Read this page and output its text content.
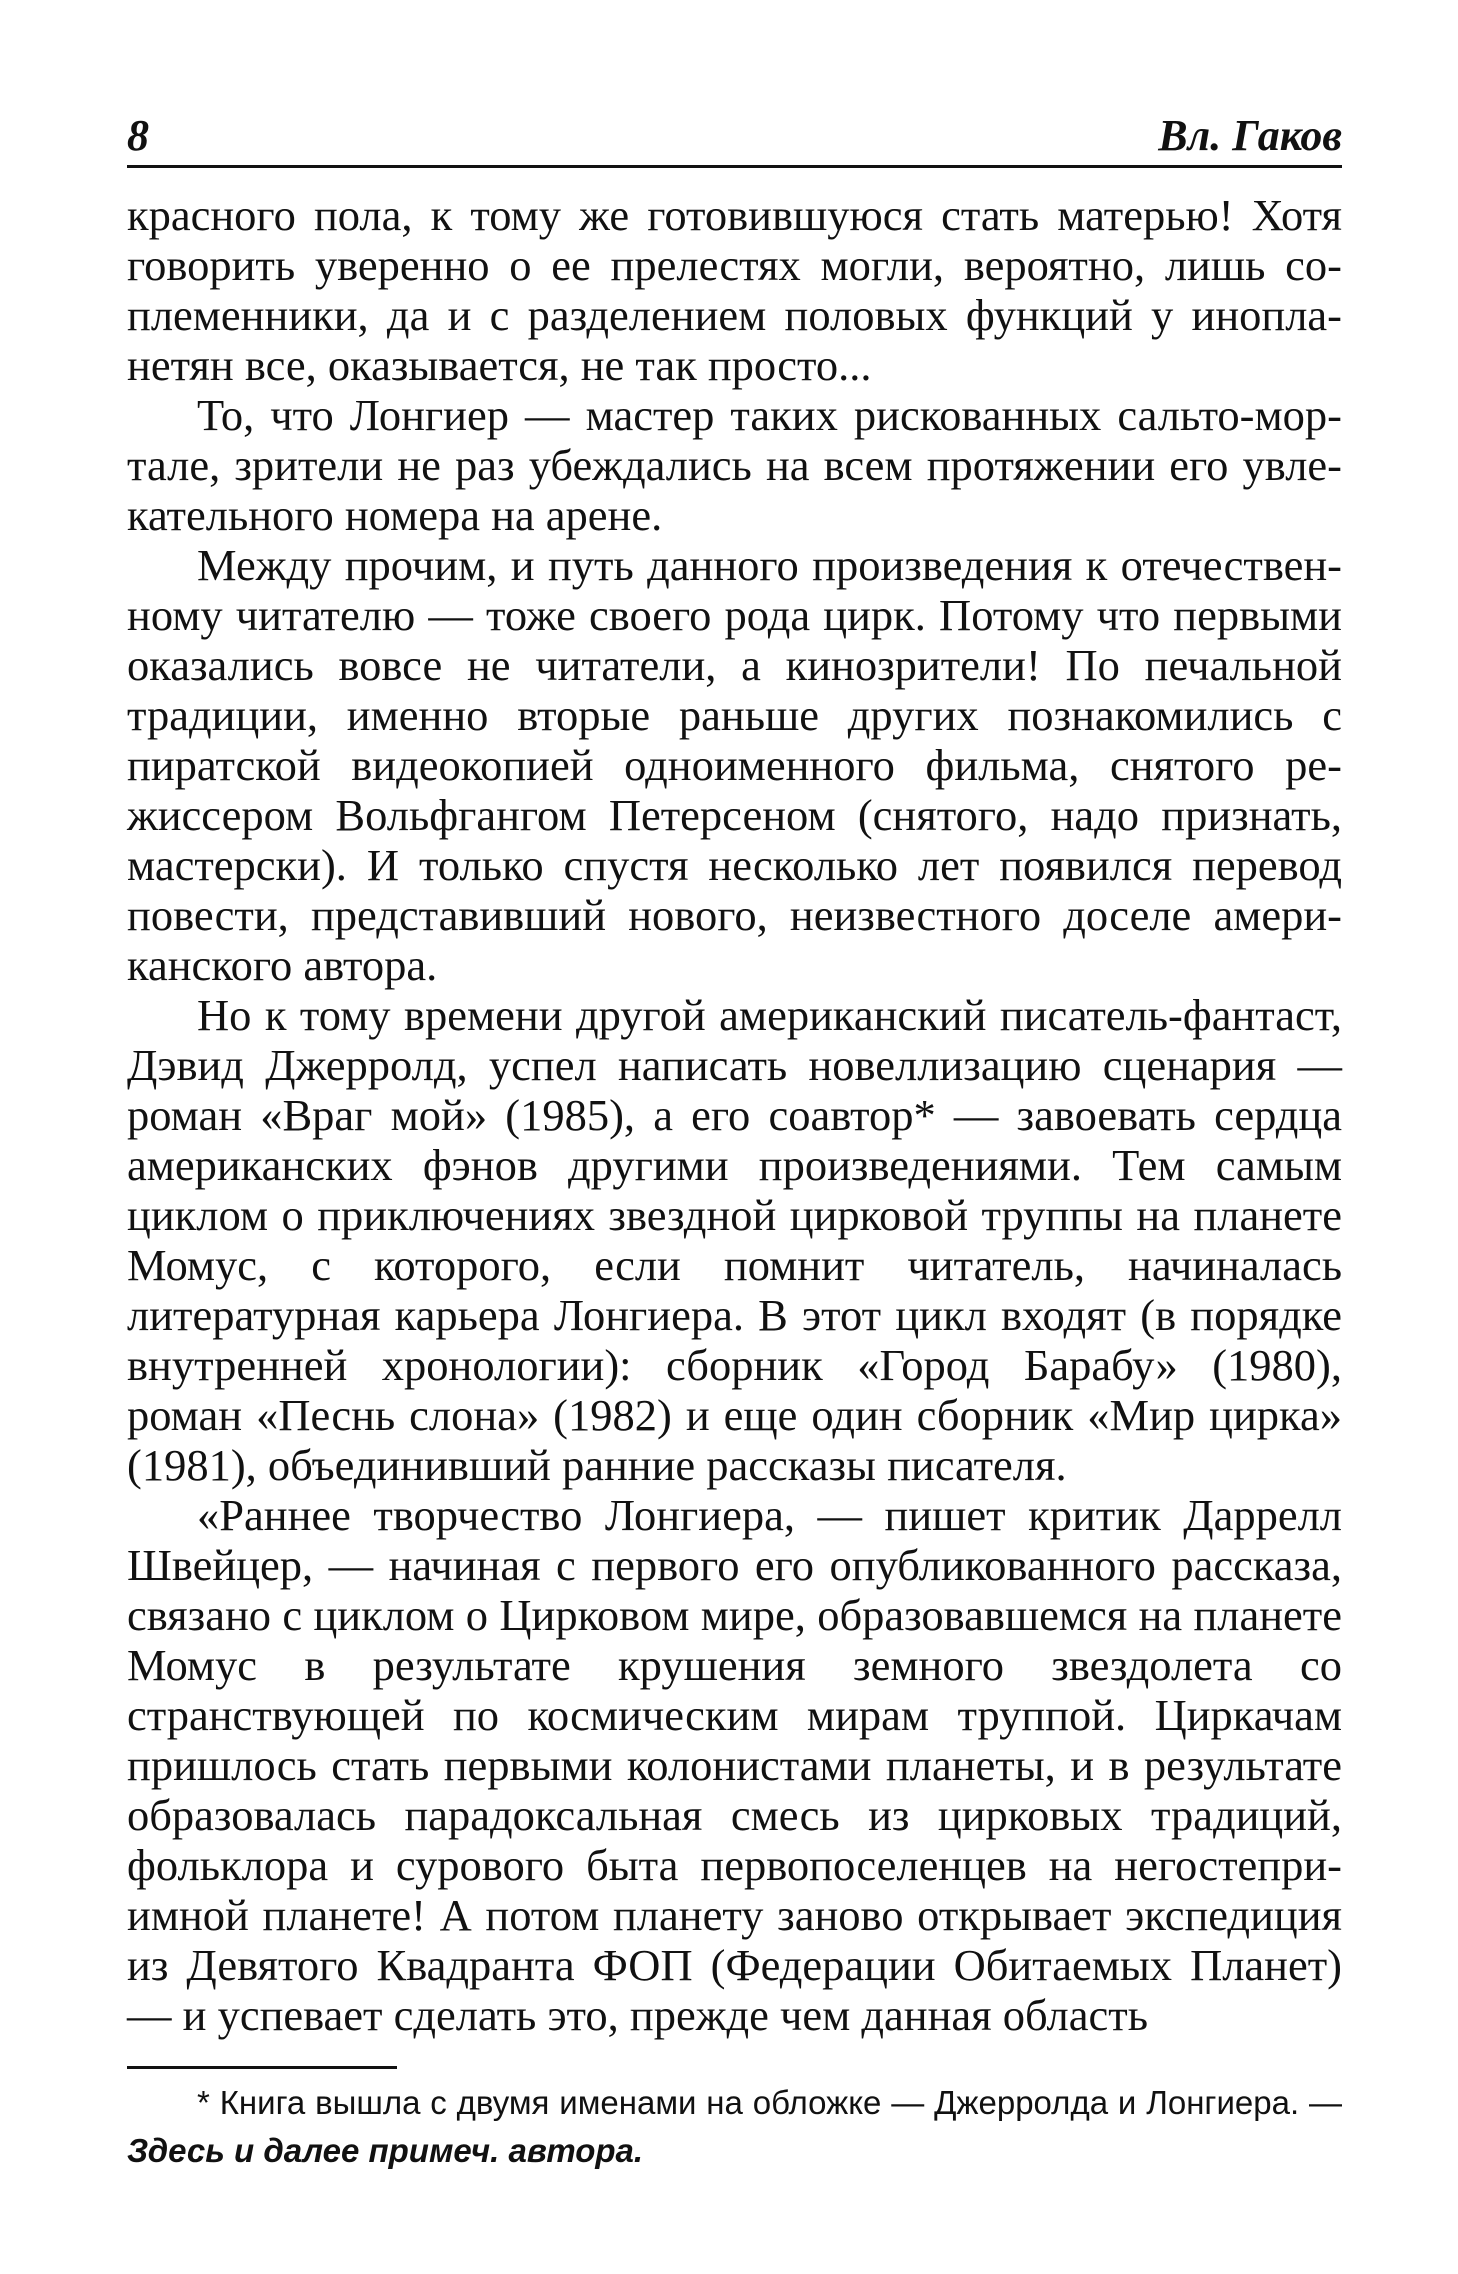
8	Вл. Гаков

красного пола, к тому же готовившуюся стать матерью! Хотя говорить уверенно о ее прелестях могли, вероятно, лишь соплеменники, да и с разделением половых функций у инопланетян все, оказывается, не так просто...

То, что Лонгиер — мастер таких рискованных сальто-мортале, зрители не раз убеждались на всем протяжении его увлекательного номера на арене.

Между прочим, и путь данного произведения к отечественному читателю — тоже своего рода цирк. Потому что первыми оказались вовсе не читатели, а кинозрители! По печальной традиции, именно вторые раньше других познакомились с пиратской видеокопией одноименного фильма, снятого режиссером Вольфгангом Петерсеном (снятого, надо признать, мастерски). И только спустя несколько лет появился перевод повести, представивший нового, неизвестного доселе американского автора.

Но к тому времени другой американский писатель-фантаст, Дэвид Джерролд, успел написать новеллизацию сценария — роман «Враг мой» (1985), а его соавтор* — завоевать сердца американских фэнов другими произведениями. Тем самым циклом о приключениях звездной цирковой труппы на планете Момус, с которого, если помнит читатель, начиналась литературная карьера Лонгиера. В этот цикл входят (в порядке внутренней хронологии): сборник «Город Барабу» (1980), роман «Песнь слона» (1982) и еще один сборник «Мир цирка» (1981), объединивший ранние рассказы писателя.

«Раннее творчество Лонгиера, — пишет критик Даррелл Швейцер, — начиная с первого его опубликованного рассказа, связано с циклом о Цирковом мире, образовавшемся на планете Момус в результате крушения земного звездолета со странствующей по космическим мирам труппой. Циркачам пришлось стать первыми колонистами планеты, и в результате образовалась парадоксальная смесь из цирковых традиций, фольклора и сурового быта первопоселенцев на негостеприимной планете! А потом планету заново открывает экспедиция из Девятого Квадранта ФОП (Федерации Обитаемых Планет) — и успевает сделать это, прежде чем данная область

* Книга вышла с двумя именами на обложке — Джерролда и Лонгиера. — Здесь и далее примеч. автора.
